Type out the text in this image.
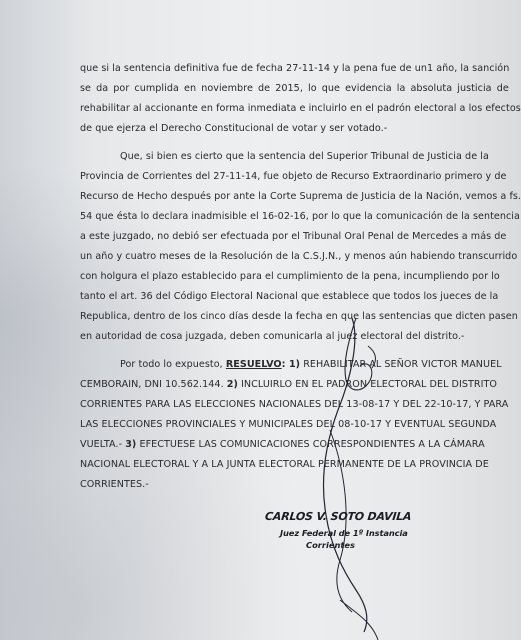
que si la sentencia definitiva fue de fecha 27-11-14 y la pena fue de un1 año, la sanción
se da por cumplida en noviembre de 2015, lo que evidencia la absoluta justicia de
rehabilitar al accionante en forma inmediata e incluirlo en el padrón electoral a los efectos
de que ejerza el Derecho Constitucional de votar y ser votado.-
Que, si bien es cierto que la sentencia del Superior Tribunal de Justicia de la
Provincia de Corrientes del 27-11-14, fue objeto de Recurso Extraordinario primero y de
Recurso de Hecho después por ante la Corte Suprema de Justicia de la Nación, vemos a fs.
54 que ésta lo declara inadmisible el 16-02-16, por lo que la comunicación de la sentencia
a este juzgado, no debió ser efectuada por el Tribunal Oral Penal de Mercedes a más de
un año y cuatro meses de la Resolución de la C.S.J.N., y menos aún habiendo transcurrido
con holgura el plazo establecido para el cumplimiento de la pena, incumpliendo por lo
tanto el art. 36 del Código Electoral Nacional que establece que todos los jueces de la
Republica, dentro de los cinco días desde la fecha en que las sentencias que dicten pasen
en autoridad de cosa juzgada, deben comunicarla al juez electoral del distrito.-
Por todo lo expuesto, RESUELVO: 1) REHABILITAR AL SEÑOR VICTOR MANUEL
CEMBORAIN, DNI 10.562.144. 2) INCLUIRLO EN EL PADRON ELECTORAL DEL DISTRITO
CORRIENTES PARA LAS ELECCIONES NACIONALES DEL 13-08-17 Y DEL 22-10-17, Y PARA
LAS ELECCIONES PROVINCIALES Y MUNICIPALES DEL 08-10-17 Y EVENTUAL SEGUNDA
VUELTA.- 3) EFECTUESE LAS COMUNICACIONES CORRESPONDIENTES A LA CÁMARA
NACIONAL ELECTORAL Y A LA JUNTA ELECTORAL PERMANENTE DE LA PROVINCIA DE
CORRIENTES.-
CARLOS V. SOTO DAVILA
Juez Federal de 1º Instancia
Corrientes
